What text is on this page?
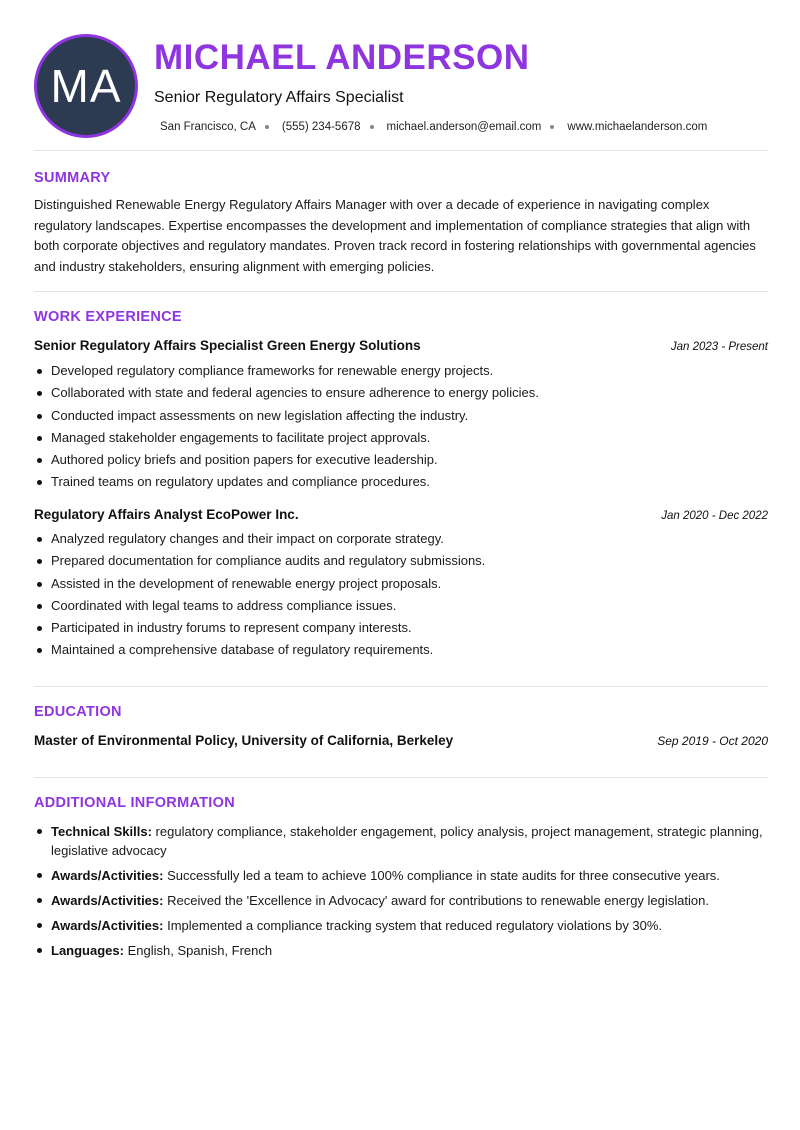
MA
MICHAEL ANDERSON
Senior Regulatory Affairs Specialist
San Francisco, CA (555) 234-5678 michael.anderson@email.com www.michaelanderson.com
SUMMARY
Distinguished Renewable Energy Regulatory Affairs Manager with over a decade of experience in navigating complex regulatory landscapes. Expertise encompasses the development and implementation of compliance strategies that align with both corporate objectives and regulatory mandates. Proven track record in fostering relationships with governmental agencies and industry stakeholders, ensuring alignment with emerging policies.
WORK EXPERIENCE
Senior Regulatory Affairs Specialist Green Energy Solutions	Jan 2023 - Present
Developed regulatory compliance frameworks for renewable energy projects.
Collaborated with state and federal agencies to ensure adherence to energy policies.
Conducted impact assessments on new legislation affecting the industry.
Managed stakeholder engagements to facilitate project approvals.
Authored policy briefs and position papers for executive leadership.
Trained teams on regulatory updates and compliance procedures.
Regulatory Affairs Analyst EcoPower Inc.	Jan 2020 - Dec 2022
Analyzed regulatory changes and their impact on corporate strategy.
Prepared documentation for compliance audits and regulatory submissions.
Assisted in the development of renewable energy project proposals.
Coordinated with legal teams to address compliance issues.
Participated in industry forums to represent company interests.
Maintained a comprehensive database of regulatory requirements.
EDUCATION
Master of Environmental Policy, University of California, Berkeley	Sep 2019 - Oct 2020
ADDITIONAL INFORMATION
Technical Skills: regulatory compliance, stakeholder engagement, policy analysis, project management, strategic planning, legislative advocacy
Awards/Activities: Successfully led a team to achieve 100% compliance in state audits for three consecutive years.
Awards/Activities: Received the 'Excellence in Advocacy' award for contributions to renewable energy legislation.
Awards/Activities: Implemented a compliance tracking system that reduced regulatory violations by 30%.
Languages: English, Spanish, French
